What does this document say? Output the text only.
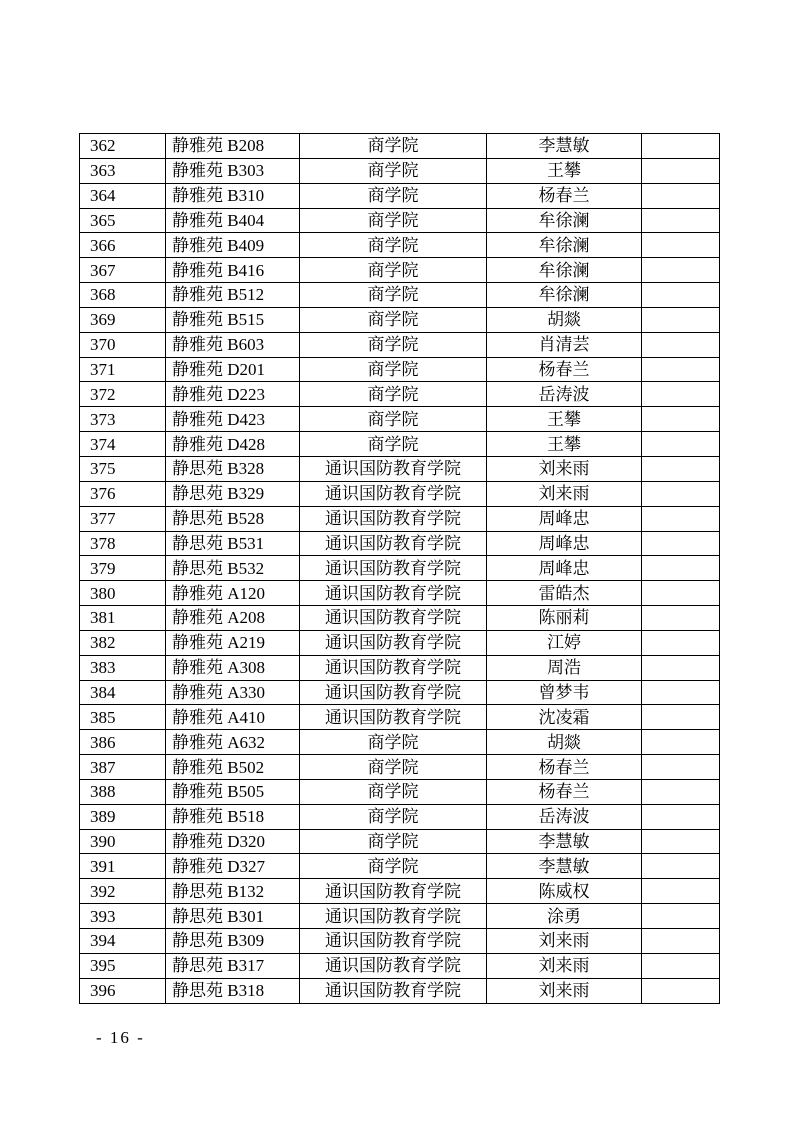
362	静雅苑 B208	商学院	李慧敏	
363	静雅苑 B303	商学院	王攀	
364	静雅苑 B310	商学院	杨春兰	
365	静雅苑 B404	商学院	牟徐澜	
366	静雅苑 B409	商学院	牟徐澜	
367	静雅苑 B416	商学院	牟徐澜	
368	静雅苑 B512	商学院	牟徐澜	
369	静雅苑 B515	商学院	胡燚	
370	静雅苑 B603	商学院	肖清芸	
371	静雅苑 D201	商学院	杨春兰	
372	静雅苑 D223	商学院	岳涛波	
373	静雅苑 D423	商学院	王攀	
374	静雅苑 D428	商学院	王攀	
375	静思苑 B328	通识国防教育学院	刘来雨	
376	静思苑 B329	通识国防教育学院	刘来雨	
377	静思苑 B528	通识国防教育学院	周峰忠	
378	静思苑 B531	通识国防教育学院	周峰忠	
379	静思苑 B532	通识国防教育学院	周峰忠	
380	静雅苑 A120	通识国防教育学院	雷皓杰	
381	静雅苑 A208	通识国防教育学院	陈丽莉	
382	静雅苑 A219	通识国防教育学院	江婷	
383	静雅苑 A308	通识国防教育学院	周浩	
384	静雅苑 A330	通识国防教育学院	曾梦韦	
385	静雅苑 A410	通识国防教育学院	沈凌霜	
386	静雅苑 A632	商学院	胡燚	
387	静雅苑 B502	商学院	杨春兰	
388	静雅苑 B505	商学院	杨春兰	
389	静雅苑 B518	商学院	岳涛波	
390	静雅苑 D320	商学院	李慧敏	
391	静雅苑 D327	商学院	李慧敏	
392	静思苑 B132	通识国防教育学院	陈威权	
393	静思苑 B301	通识国防教育学院	涂勇	
394	静思苑 B309	通识国防教育学院	刘来雨	
395	静思苑 B317	通识国防教育学院	刘来雨	
396	静思苑 B318	通识国防教育学院	刘来雨	
- 16 -
